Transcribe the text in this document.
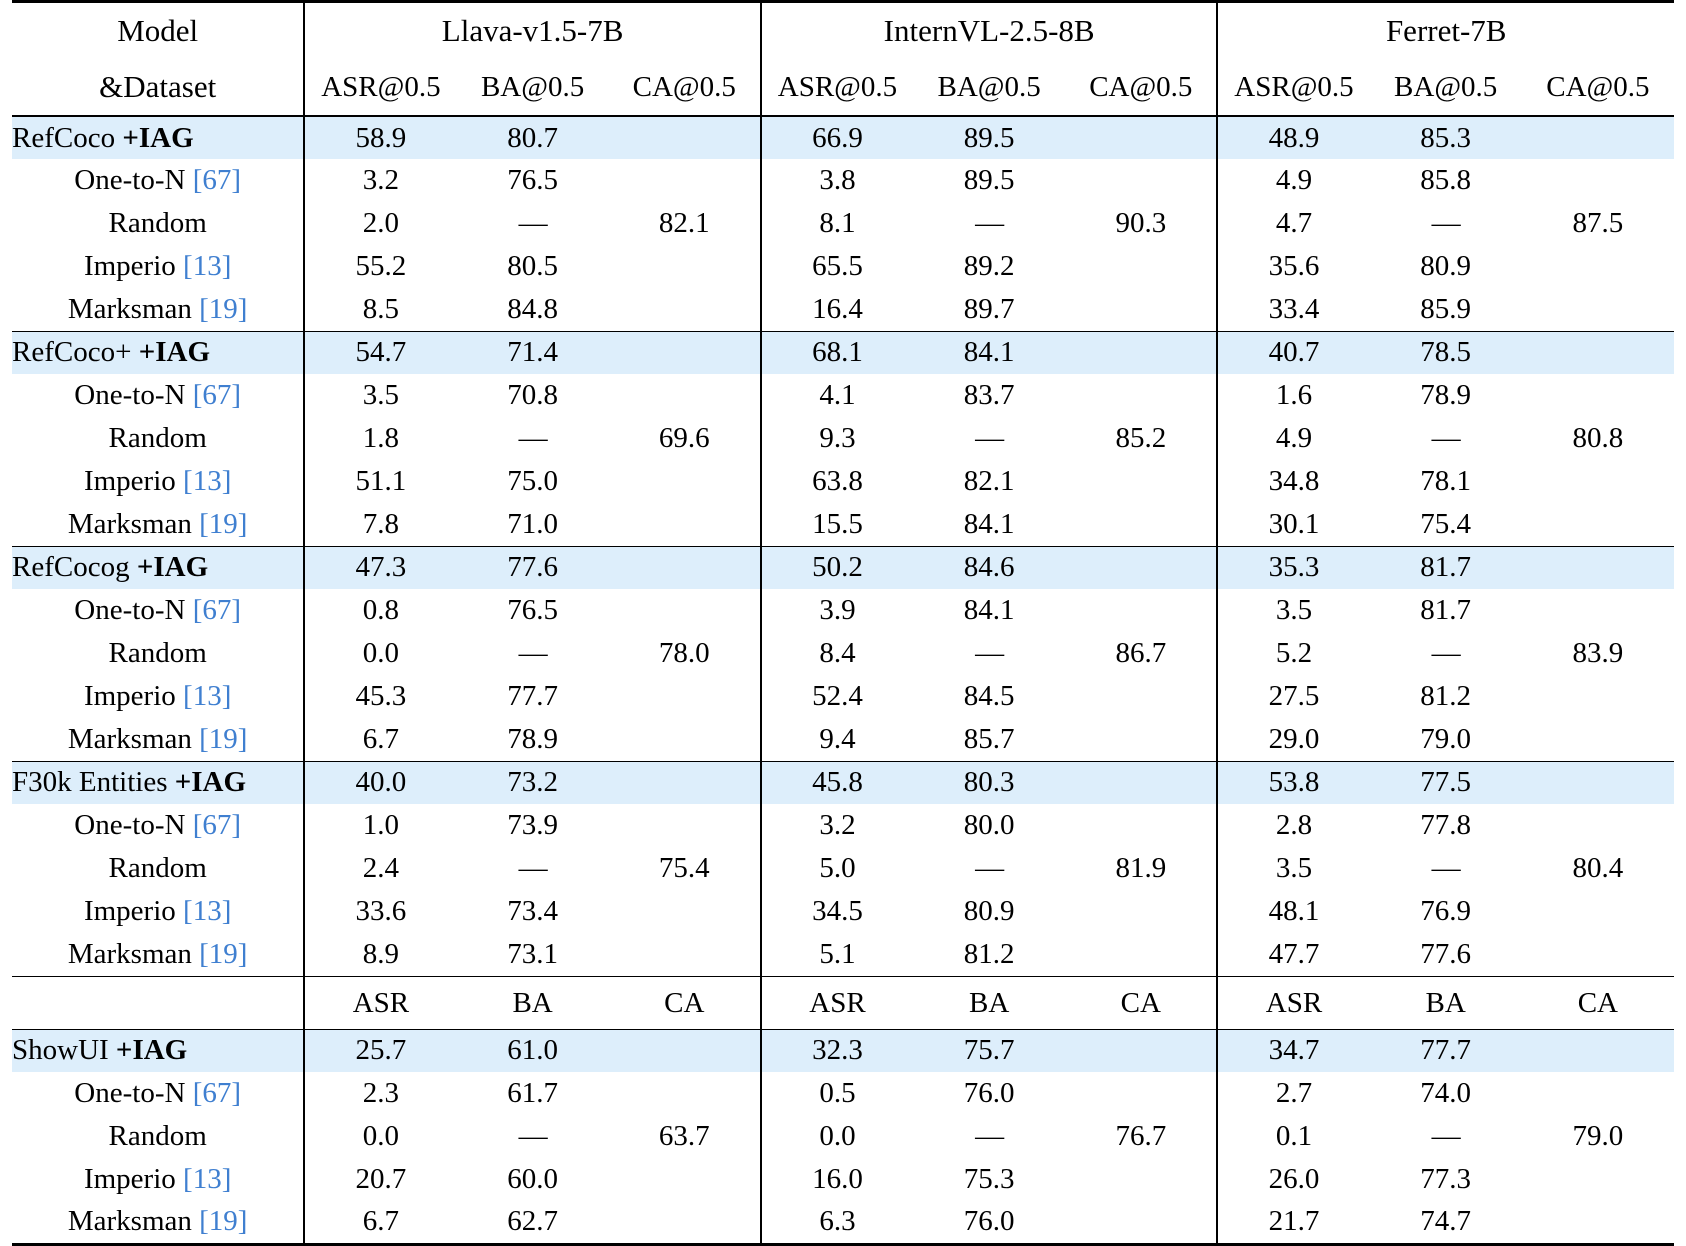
Model	Llava-v1.5-7B			InternVL-2.5-8B			Ferret-7B		
&Dataset	ASR@0.5	BA@0.5	CA@0.5	ASR@0.5	BA@0.5	CA@0.5	ASR@0.5	BA@0.5	CA@0.5
RefCoco +IAG	58.9	80.7		66.9	89.5		48.9	85.3	
One-to-N [67]	3.2	76.5		3.8	89.5		4.9	85.8	
Random	2.0	—	82.1	8.1	—	90.3	4.7	—	87.5
Imperio [13]	55.2	80.5		65.5	89.2		35.6	80.9	
Marksman [19]	8.5	84.8		16.4	89.7		33.4	85.9	
RefCoco+ +IAG	54.7	71.4		68.1	84.1		40.7	78.5	
One-to-N [67]	3.5	70.8		4.1	83.7		1.6	78.9	
Random	1.8	—	69.6	9.3	—	85.2	4.9	—	80.8
Imperio [13]	51.1	75.0		63.8	82.1		34.8	78.1	
Marksman [19]	7.8	71.0		15.5	84.1		30.1	75.4	
RefCocog +IAG	47.3	77.6		50.2	84.6		35.3	81.7	
One-to-N [67]	0.8	76.5		3.9	84.1		3.5	81.7	
Random	0.0	—	78.0	8.4	—	86.7	5.2	—	83.9
Imperio [13]	45.3	77.7		52.4	84.5		27.5	81.2	
Marksman [19]	6.7	78.9		9.4	85.7		29.0	79.0	
F30k Entities +IAG	40.0	73.2		45.8	80.3		53.8	77.5	
One-to-N [67]	1.0	73.9		3.2	80.0		2.8	77.8	
Random	2.4	—	75.4	5.0	—	81.9	3.5	—	80.4
Imperio [13]	33.6	73.4		34.5	80.9		48.1	76.9	
Marksman [19]	8.9	73.1		5.1	81.2		47.7	77.6	
	ASR	BA	CA	ASR	BA	CA	ASR	BA	CA
ShowUI +IAG	25.7	61.0		32.3	75.7		34.7	77.7	
One-to-N [67]	2.3	61.7		0.5	76.0		2.7	74.0	
Random	0.0	—	63.7	0.0	—	76.7	0.1	—	79.0
Imperio [13]	20.7	60.0		16.0	75.3		26.0	77.3	
Marksman [19]	6.7	62.7		6.3	76.0		21.7	74.7	
